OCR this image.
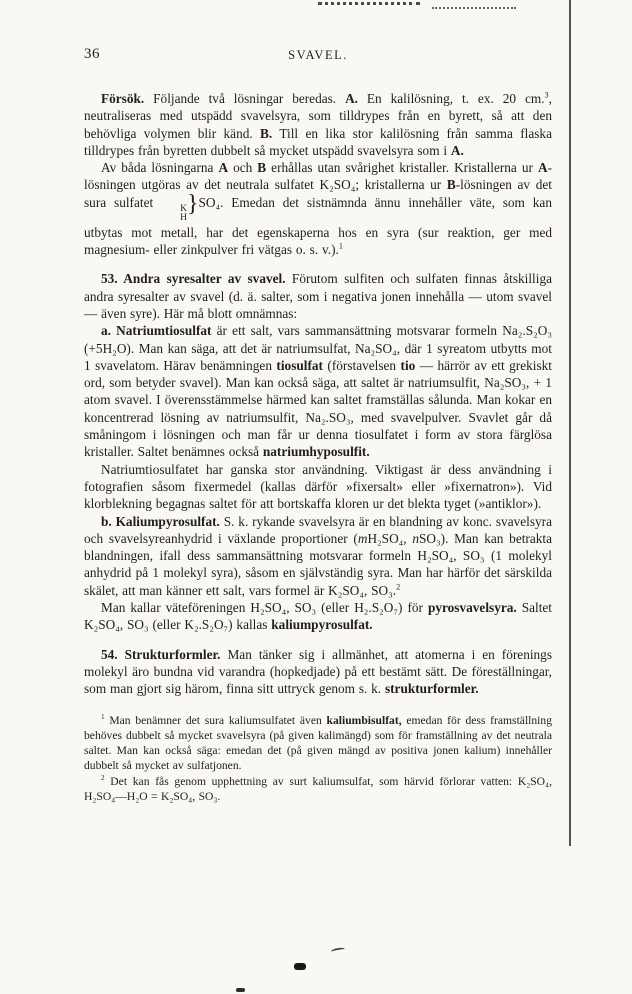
36	SVAVEL.

Försök. Följande två lösningar beredas. A. En kalilösning, t. ex. 20 cm.$^3$, neutraliseras med utspädd svavelsyra, som tilldrypes från en byrett, så att den behövliga volymen blir känd. B. Till en lika stor kalilösning från samma flaska tilldrypes från byretten dubbelt så mycket utspädd svavelsyra som i A.

Av båda lösningarna A och B erhållas utan svårighet kristaller. Kristallerna ur A-lösningen utgöras av det neutrala sulfatet K₂SO₄; kristallerna ur B-lösningen av det sura sulfatet	K
H
}SO₄. Emedan det sistnämnda ännu innehåller väte, som kan utbytas mot metall, har det egenskaperna hos en syra (sur reaktion, ger med magnesium- eller zinkpulver fri vätgas o. s. v.).$^1$

53. Andra syresalter av svavel. Förutom sulfiten och sulfaten finnas åtskilliga andra syresalter av svavel (d. ä. salter, som i negativa jonen innehålla — utom svavel — även syre). Här må blott omnämnas:

a. Natriumtiosulfat är ett salt, vars sammansättning motsvarar formeln Na₂.S₂O₃ (+5H₂O). Man kan säga, att det är natriumsulfat, Na₂SO₄, där 1 syreatom utbytts mot 1 svavelatom. Härav benämningen tiosulfat (förstavelsen tio — härrör av ett grekiskt ord, som betyder svavel). Man kan också säga, att saltet är natriumsulfit, Na₂SO₃, + 1 atom svavel. I överensstämmelse härmed kan saltet framställas sålunda. Man kokar en koncentrerad lösning av natriumsulfit, Na₂.SO₃, med svavelpulver. Svavlet går då småningom i lösningen och man får ur denna tiosulfatet i form av stora färglösa kristaller. Saltet benämnes också natriumhyposulfit.

Natriumtiosulfatet har ganska stor användning. Viktigast är dess användning i fotografien såsom fixermedel (kallas därför »fixersalt» eller »fixernatron»). Vid klorblekning begagnas saltet för att bortskaffa kloren ur det blekta tyget (»antiklor»).

b. Kaliumpyrosulfat. S. k. rykande svavelsyra är en blandning av konc. svavelsyra och svavelsyreanhydrid i växlande proportioner (mH₂SO₄, nSO₃). Man kan betrakta blandningen, ifall dess sammansättning motsvarar formeln H₂SO₄, SO₃ (1 molekyl anhydrid på 1 molekyl syra), såsom en självständig syra. Man har härför det särskilda skälet, att man känner ett salt, vars formel är K₂SO₄, SO₃.$^2$

Man kallar väteföreningen H₂SO₄, SO₃ (eller H₂.S₂O₇) för pyrosvavelsyra. Saltet K₂SO₄, SO₃ (eller K₂.S₂O₇) kallas kaliumpyrosulfat.

54. Strukturformler. Man tänker sig i allmänhet, att atomerna i en förenings molekyl äro bundna vid varandra (hopkedjade) på ett bestämt sätt. De föreställningar, som man gjort sig härom, finna sitt uttryck genom s. k. strukturformler.

$^1$ Man benämner det sura kaliumsulfatet även kaliumbisulfat, emedan för dess framställning behöves dubbelt så mycket svavelsyra (på given kalimängd) som för framställning av det neutrala saltet. Man kan också säga: emedan det (på given mängd av positiva jonen kalium) innehåller dubbelt så mycket av sulfatjonen.

$^2$ Det kan fås genom upphettning av surt kaliumsulfat, som härvid förlorar vatten: K₂SO₄, H₂SO₄—H₂O = K₂SO₄, SO₃.
